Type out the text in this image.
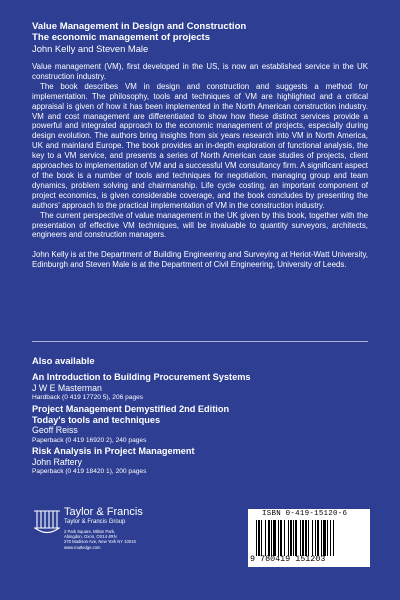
Value Management in Design and Construction
The economic management of projects
John Kelly and Steven Male

Value management (VM), first developed in the US, is now an established service in the UK construction industry.

The book describes VM in design and construction and suggests a method for implementation. The philosophy, tools and techniques of VM are highlighted and a critical appraisal is given of how it has been implemented in the North American construction industry. VM and cost management are differentiated to show how these distinct services provide a powerful and integrated approach to the economic management of projects, especially during design evolution. The authors bring insights from six years research into VM in North America, UK and mainland Europe. The book provides an in-depth exploration of functional analysis, the key to a VM service, and presents a series of North American case studies of projects, client approaches to implementation of VM and a successful VM consultancy firm. A significant aspect of the book is a number of tools and techniques for negotiation, managing group and team dynamics, problem solving and chairmanship. Life cycle costing, an important component of project economics, is given considerable coverage, and the book concludes by presenting the authors' approach to the practical implementation of VM in the construction industry.

The current perspective of value management in the UK given by this book, together with the presentation of effective VM techniques, will be invaluable to quantity surveyors, architects, engineers and construction managers.

John Kelly is at the Department of Building Engineering and Surveying at Heriot-Watt University, Edinburgh and Steven Male is at the Department of Civil Engineering, University of Leeds.

Also available
An Introduction to Building Procurement Systems
J W E Masterman
Hardback (0 419 17720 5), 206 pages
Project Management Demystified 2nd Edition
Today's tools and techniques
Geoff Reiss
Paperback (0 419 16920 2), 240 pages
Risk Analysis in Project Management
John Raftery
Paperback (0 419 18420 1), 200 pages
Taylor & Francis
Taylor & Francis Group
2 Park Square, Milton Park,
Abingdon, Oxon, OX14 4RN
270 Madison Ave, New York NY 10016
www.routledge.com
ISBN 0-419-15120-6
9 780419 151203
